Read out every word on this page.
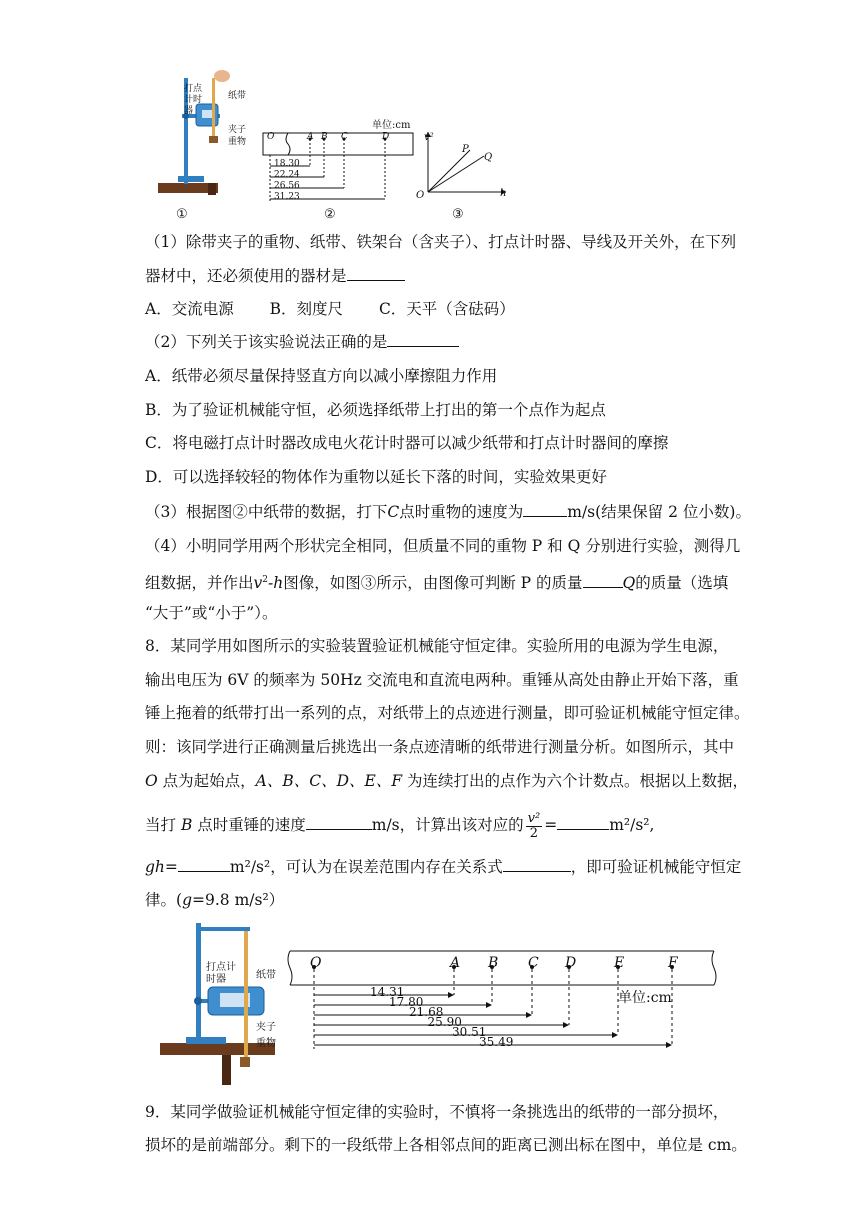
打点计时器
纸带
夹子
重物
①
单位:cm
O
18.30
A
22.24
B
26.56
C
31.23
D
②
v²
h
O
P
Q
③
（1）除带夹子的重物、纸带、铁架台（含夹子）、打点计时器、导线及开关外，在下列
器材中，还必须使用的器材是
A．交流电源　　 B．刻度尺　　 C．天平（含砝码）
（2）下列关于该实验说法正确的是
A．纸带必须尽量保持竖直方向以减小摩擦阻力作用
B．为了验证机械能守恒，必须选择纸带上打出的第一个点作为起点
C．将电磁打点计时器改成电火花计时器可以减少纸带和打点计时器间的摩擦
D．可以选择较轻的物体作为重物以延长下落的时间，实验效果更好
（3）根据图②中纸带的数据，打下C点时重物的速度为	m/s(结果保留 2 位小数)。
（4）小明同学用两个形状完全相同，但质量不同的重物 P 和 Q 分别进行实验，测得几
组数据，并作出$v^2-h$图像，如图③所示，由图像可判断 P 的质量	Q的质量（选填
“大于”或“小于”）。
8．某同学用如图所示的实验装置验证机械能守恒定律。实验所用的电源为学生电源，
输出电压为 6V 的频率为 50Hz 交流电和直流电两种。重锤从高处由静止开始下落，重
锤上拖着的纸带打出一系列的点，对纸带上的点迹进行测量，即可验证机械能守恒定律。
则：该同学进行正确测量后挑选出一条点迹清晰的纸带进行测量分析。如图所示，其中
O 点为起始点，A、B、C、D、E、F 为连续打出的点作为六个计数点。根据以上数据，
当打 B 点时重锤的速度	m/s，计算出该对应的 $\frac{\text{v²}}{2}$ =	m²/s²,
gh=	m²/s²，可认为在误差范围内存在关系式	，即可验证机械能守恒定
律。(g=9.8 m/s²）
打点计时器	纸带
夹子
重物
单位:cm
O	A
14.31
B
17.80
C
21.68
D
25.90
E
30.51
F
35.49
9．某同学做验证机械能守恒定律的实验时，不慎将一条挑选出的纸带的一部分损坏，
损坏的是前端部分。剩下的一段纸带上各相邻点间的距离已测出标在图中，单位是 cm。
